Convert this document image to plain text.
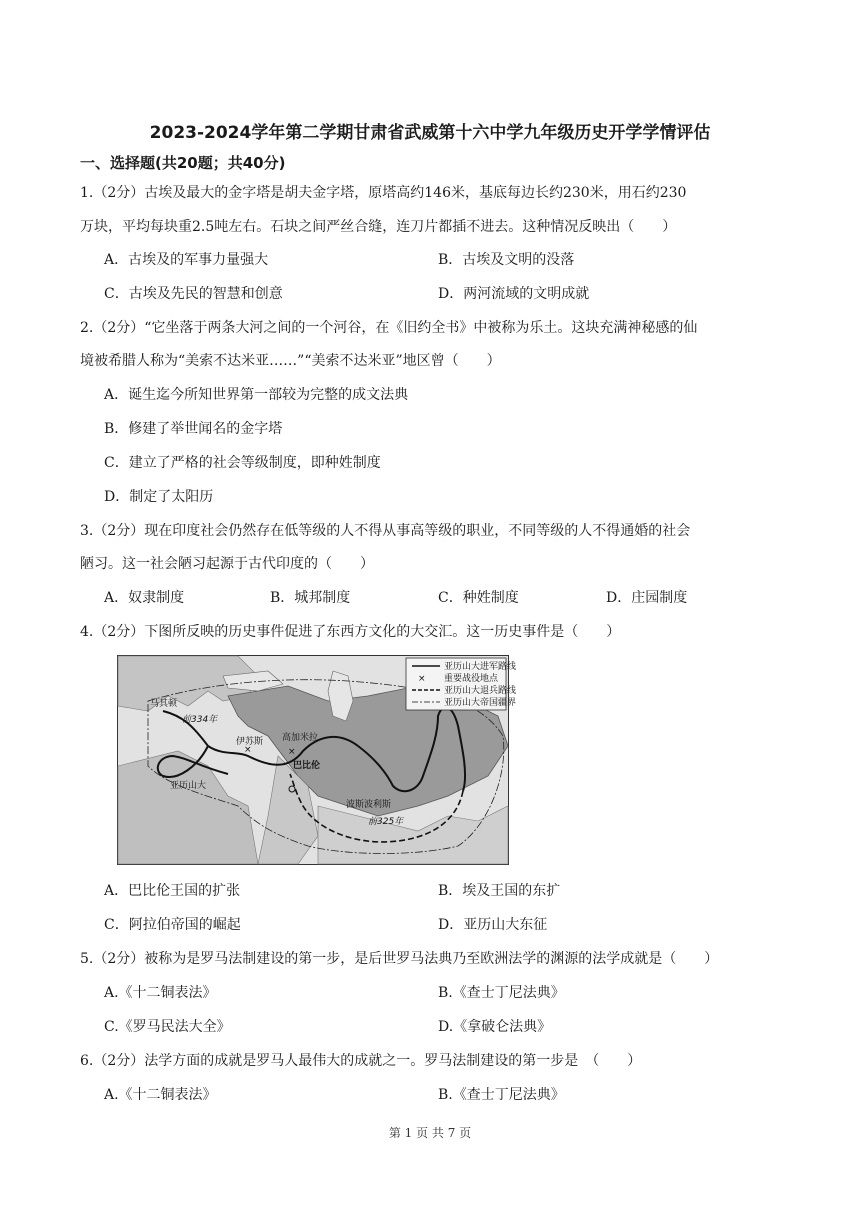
2023-2024学年第二学期甘肃省武威第十六中学九年级历史开学学情评估
一、选择题(共20题；共40分)
1.（2分）古埃及最大的金字塔是胡夫金字塔，原塔高约146米，基底每边长约230米，用石约230
万块，平均每块重2.5吨左右。石块之间严丝合缝，连刀片都插不进去。这种情况反映出（　　）
A．古埃及的军事力量强大	B．古埃及文明的没落
C．古埃及先民的智慧和创意	D．两河流域的文明成就
2.（2分）“它坐落于两条大河之间的一个河谷，在《旧约全书》中被称为乐土。这块充满神秘感的仙
境被希腊人称为“美索不达米亚……”“美索不达米亚”地区曾（　　）
A．诞生迄今所知世界第一部较为完整的成文法典
B．修建了举世闻名的金字塔
C．建立了严格的社会等级制度，即种姓制度
D．制定了太阳历
3.（2分）现在印度社会仍然存在低等级的人不得从事高等级的职业，不同等级的人不得通婚的社会
陋习。这一社会陋习起源于古代印度的（　　）
A．奴隶制度	B．城邦制度	C．种姓制度	D．庄园制度
4.（2分）下图所反映的历史事件促进了东西方文化的大交汇。这一历史事件是（　　）
×	×
马其顿
伊苏斯 高加米拉
巴比伦
亚历山大
波斯波利斯
前334年
前325年
亚历山大进军路线
× 重要战役地点
亚历山大退兵路线
亚历山大帝国疆界
A．巴比伦王国的扩张	B．埃及王国的东扩
C．阿拉伯帝国的崛起	D．亚历山大东征
5.（2分）被称为是罗马法制建设的第一步，是后世罗马法典乃至欧洲法学的渊源的法学成就是（　　）
A.《十二铜表法》	B.《查士丁尼法典》
C.《罗马民法大全》	D.《拿破仑法典》
6.（2分）法学方面的成就是罗马人最伟大的成就之一。罗马法制建设的第一步是　（　　）
A.《十二铜表法》	B.《查士丁尼法典》
第 1 页 共 7 页
